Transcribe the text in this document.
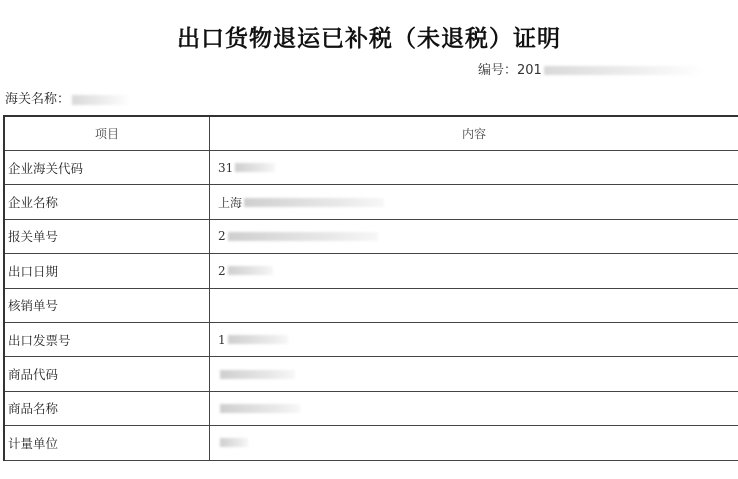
出口货物退运已补税（未退税）证明
编号：201
海关名称：
项目	内容
企业海关代码	31
企业名称	上海
报关单号	2
出口日期	2
核销单号
出口发票号	1
商品代码
商品名称
计量单位
